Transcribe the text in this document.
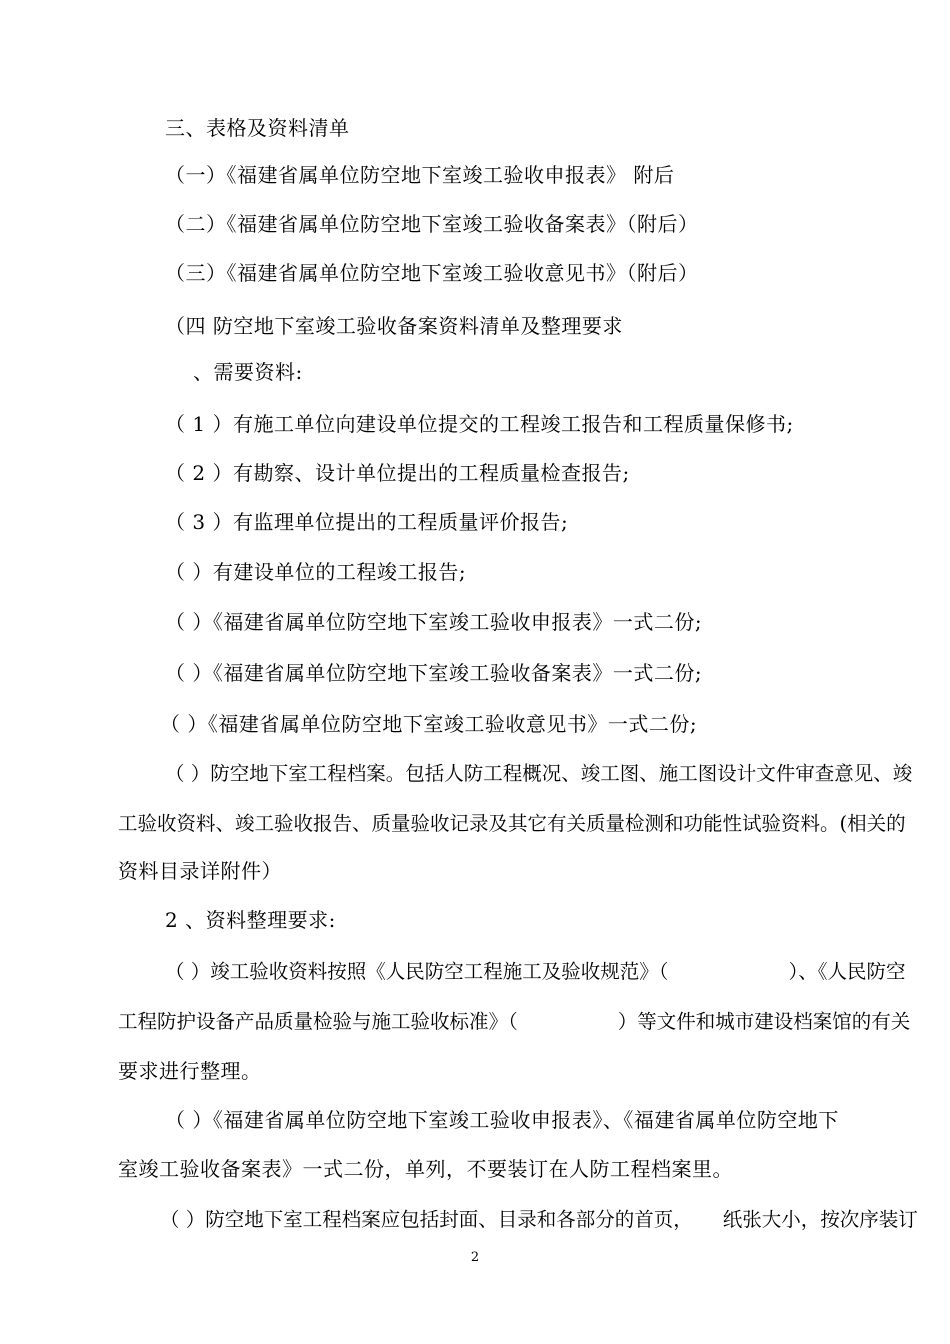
三、表格及资料清单
（一）《福建省属单位防空地下室竣工验收申报表》 附后
（二）《福建省属单位防空地下室竣工验收备案表》（附后）
（三）《福建省属单位防空地下室竣工验收意见书》（附后）
（四 防空地下室竣工验收备案资料清单及整理要求
、需要资料:
（ 1 ）有施工单位向建设单位提交的工程竣工报告和工程质量保修书;
（ 2 ）有勘察、设计单位提出的工程质量检查报告;
（ 3 ）有监理单位提出的工程质量评价报告;
（ ）有建设单位的工程竣工报告;
（ ）《福建省属单位防空地下室竣工验收申报表》一式二份;
（ ）《福建省属单位防空地下室竣工验收备案表》一式二份;
（ ）《福建省属单位防空地下室竣工验收意见书》一式二份;
（ ）防空地下室工程档案。包括人防工程概况、竣工图、施工图设计文件审查意见、竣
工验收资料、竣工验收报告、质量验收记录及其它有关质量检测和功能性试验资料。(相关的
资料目录详附件）
2 、资料整理要求:
（ ）竣工验收资料按照《人民防空工程施工及验收规范》（	）、《人民防空
工程防护设备产品质量检验与施工验收标准》（	）等文件和城市建设档案馆的有关
要求进行整理。
（ ）《福建省属单位防空地下室竣工验收申报表》、《福建省属单位防空地下
室竣工验收备案表》一式二份，单列，不要装订在人防工程档案里。
（ ）防空地下室工程档案应包括封面、目录和各部分的首页， 纸张大小，按次序装订
2
